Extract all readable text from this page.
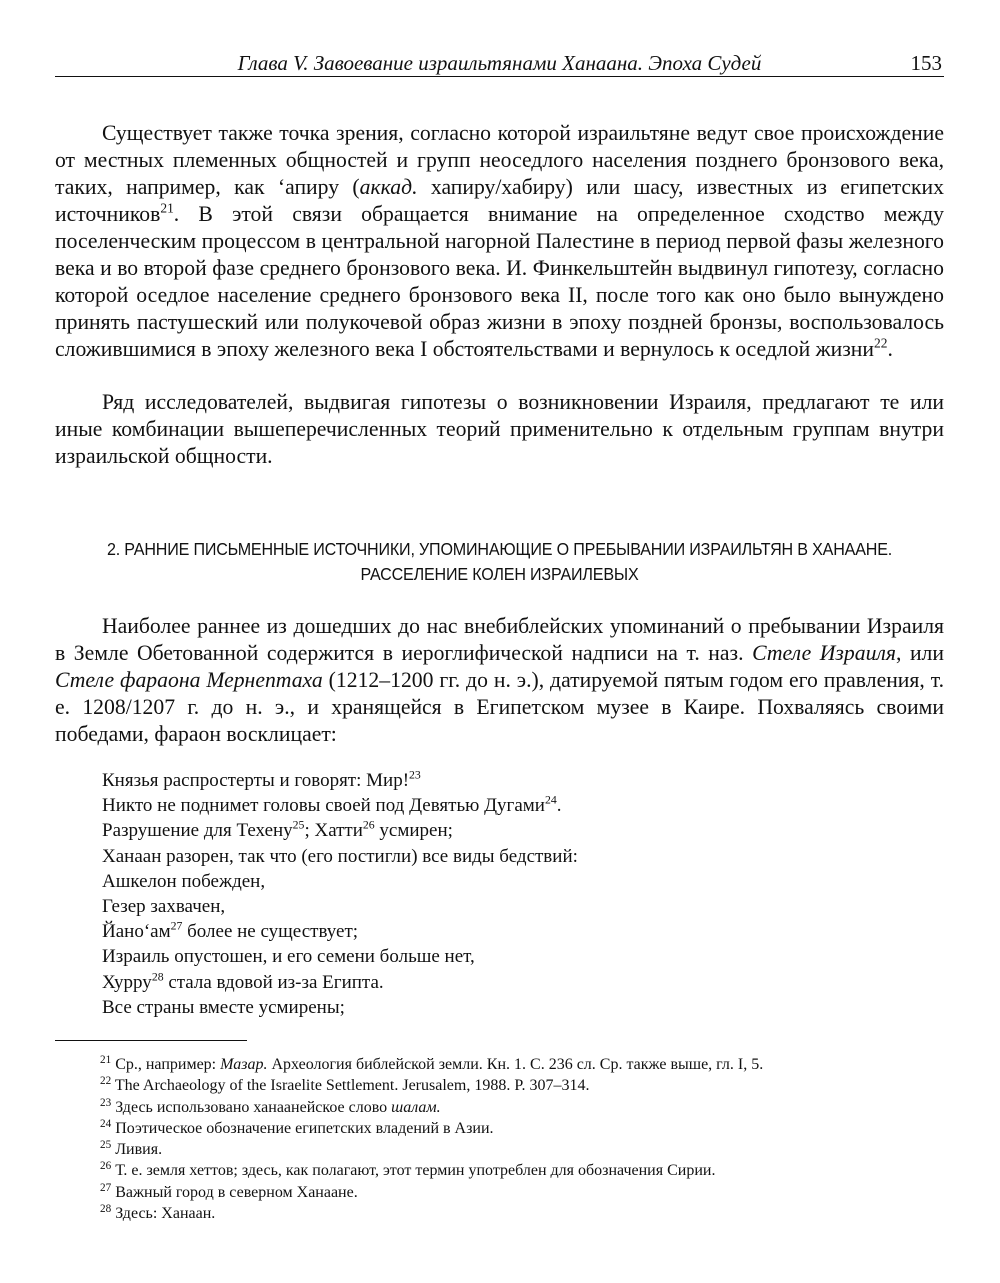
Глава V. Завоевание израильтянами Ханаана. Эпоха Судей	153

Существует также точка зрения, согласно которой израильтяне ведут свое происхождение от местных племенных общностей и групп неоседлого населения позднего бронзового века, таких, например, как ‘апиру (аккад. хапиру/хабиру) или шасу, известных из египетских источников$^{21}$. В этой связи обращается внимание на определенное сходство между поселенческим процессом в центральной нагорной Палестине в период первой фазы железного века и во второй фазе среднего бронзового века. И. Финкельштейн выдвинул гипотезу, согласно которой оседлое население среднего бронзового века II, после того как оно было вынуждено принять пастушеский или полукочевой образ жизни в эпоху поздней бронзы, воспользовалось сложившимися в эпоху железного века I обстоятельствами и вернулось к оседлой жизни$^{22}$.

Ряд исследователей, выдвигая гипотезы о возникновении Израиля, предлагают те или иные комбинации вышеперечисленных теорий применительно к отдельным группам внутри израильской общности.

2. РАННИЕ ПИСЬМЕННЫЕ ИСТОЧНИКИ, УПОМИНАЮЩИЕ О ПРЕБЫВАНИИ ИЗРАИЛЬТЯН В ХАНААНЕ.
РАССЕЛЕНИЕ КОЛЕН ИЗРАИЛЕВЫХ

Наиболее раннее из дошедших до нас внебиблейских упоминаний о пребывании Израиля в Земле Обетованной содержится в иероглифической надписи на т. наз. Стеле Израиля, или Стеле фараона Мернептаха (1212–1200 гг. до н. э.), датируемой пятым годом его правления, т. е. 1208/1207 г. до н. э., и хранящейся в Египетском музее в Каире. Похваляясь своими победами, фараон восклицает:

Князья распростерты и говорят: Мир!$^{23}$
Никто не поднимет головы своей под Девятью Дугами$^{24}$.
Разрушение для Техену$^{25}$; Хатти$^{26}$ усмирен;
Ханаан разорен, так что (его постигли) все виды бедствий:
Ашкелон побежден,
Гезер захвачен,
$Йано‘ам^{27}$ более не существует;
Израиль опустошен, и его семени больше нет,
Хурру$^{28}$ стала вдовой из-за Египта.
Все страны вместе усмирены;
$^{21}$ Ср., например: Мазар. Археология библейской земли. Кн. 1. С. 236 сл. Ср. также выше, гл. I, 5.
$^{22}$ The Archaeology of the Israelite Settlement. Jerusalem, 1988. P. 307–314.
$^{23}$ Здесь использовано ханаанейское слово шалам.
$^{24}$ Поэтическое обозначение египетских владений в Азии.
$^{25}$ Ливия.
$^{26}$ Т. е. земля хеттов; здесь, как полагают, этот термин употреблен для обозначения Сирии.
$^{27}$ Важный город в северном Ханаане.
$^{28}$ Здесь: Ханаан.
